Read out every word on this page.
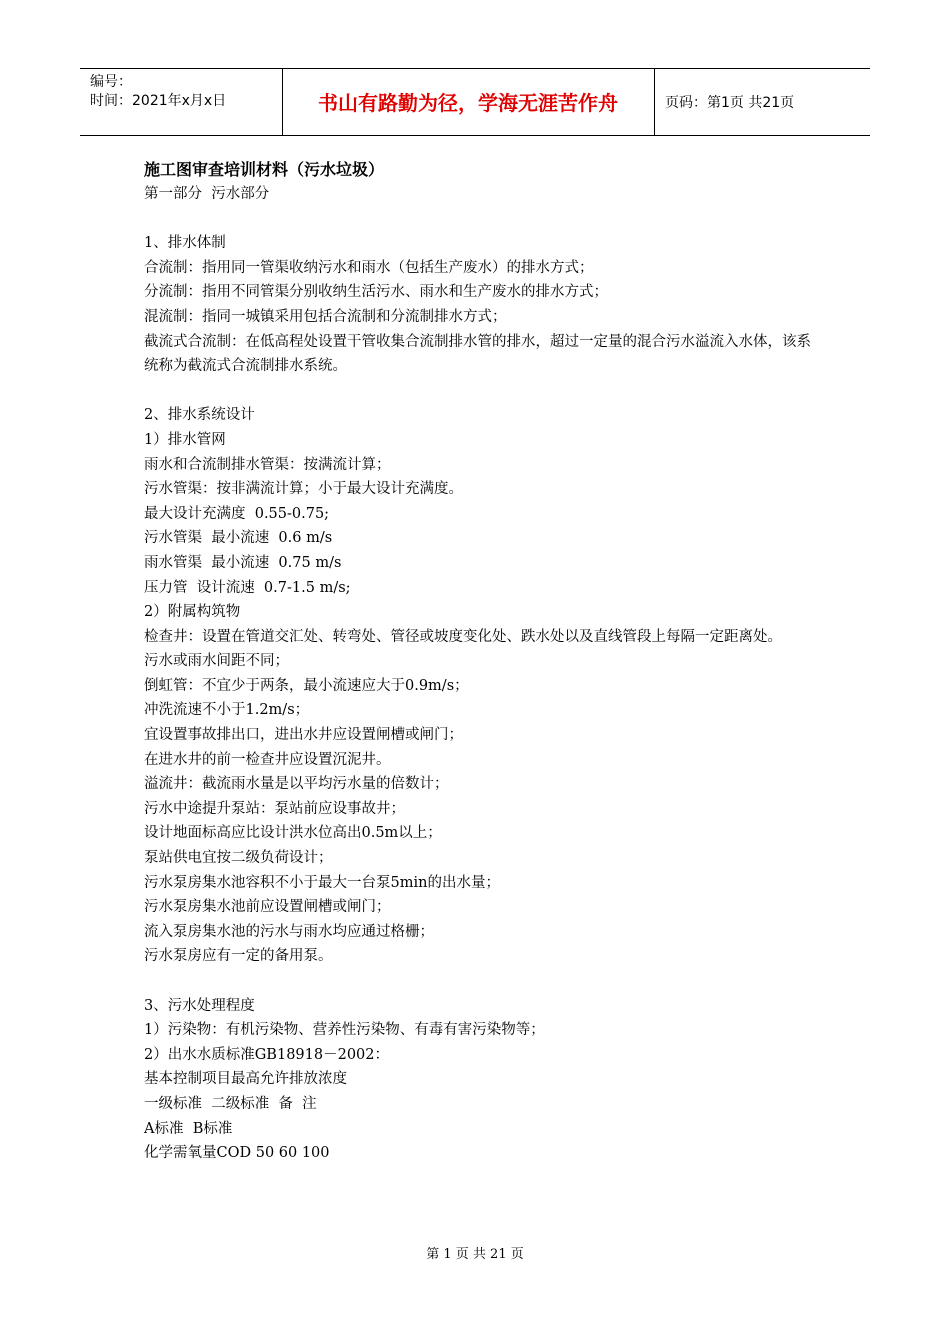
编号：
时间：2021年x月x日	书山有路勤为径，学海无涯苦作舟	页码：第1页 共21页

施工图审查培训材料（污水垃圾）

第一部分  污水部分

1、排水体制

合流制：指用同一管渠收纳污水和雨水（包括生产废水）的排水方式；

分流制：指用不同管渠分别收纳生活污水、雨水和生产废水的排水方式；

混流制：指同一城镇采用包括合流制和分流制排水方式；

截流式合流制：在低高程处设置干管收集合流制排水管的排水，超过一定量的混合污水溢流入水体，该系统称为截流式合流制排水系统。

2、排水系统设计

1）排水管网

雨水和合流制排水管渠：按满流计算；

污水管渠：按非满流计算；小于最大设计充满度。

最大设计充满度  0.55-0.75;

污水管渠  最小流速  0.6 m/s

雨水管渠  最小流速  0.75 m/s

压力管  设计流速  0.7-1.5 m/s;

2）附属构筑物

检查井：设置在管道交汇处、转弯处、管径或坡度变化处、跌水处以及直线管段上每隔一定距离处。

污水或雨水间距不同；

倒虹管：不宜少于两条，最小流速应大于0.9m/s；

冲洗流速不小于1.2m/s；

宜设置事故排出口，进出水井应设置闸槽或闸门；

在进水井的前一检查井应设置沉泥井。

溢流井：截流雨水量是以平均污水量的倍数计；

污水中途提升泵站：泵站前应设事故井；

设计地面标高应比设计洪水位高出0.5m以上；

泵站供电宜按二级负荷设计；

污水泵房集水池容积不小于最大一台泵5min的出水量；

污水泵房集水池前应设置闸槽或闸门；

流入泵房集水池的污水与雨水均应通过格栅；

污水泵房应有一定的备用泵。

3、污水处理程度

1）污染物：有机污染物、营养性污染物、有毒有害污染物等；

2）出水水质标准GB18918－2002：

基本控制项目最高允许排放浓度

一级标准  二级标准  备  注

A标准  B标准

化学需氧量COD 50 60 100

第 1 页 共 21 页
